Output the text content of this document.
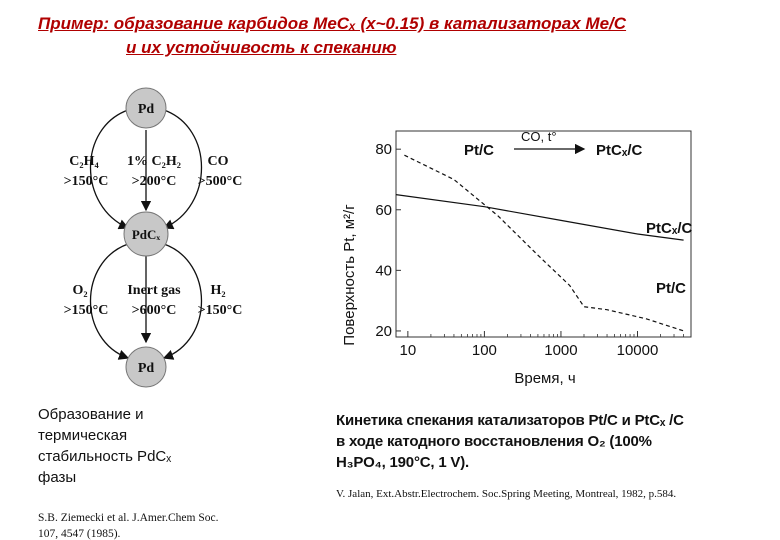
Пример: образование карбидов MeCₓ (x~0.15) в катализаторах Me/C
и их устойчивость к спеканию
Pd
PdCₓ
Pd
C₂H₄
>150°C
1% C₂H₂
>200°C
CO
>500°C
O₂
>150°C
Inert gas
>600°C
H₂
>150°C	Поверхность Pt, м²/г 20
40
60
80
10	100	1000	10000
Pt/C
CO, t°
PtCₓ/C
PtCₓ/C
Pt/C
Время, ч
Образование и
термическая
стабильность PdCₓ
фазы
S.B. Ziemecki et al. J.Amer.Chem Soc.
107, 4547 (1985).
Кинетика спекания катализаторов Pt/C и PtCₓ /C
в ходе катодного восстановления O₂ (100%
H₃PO₄, 190°C, 1 V).
V. Jalan, Ext.Abstr.Electrochem. Soc.Spring Meeting, Montreal, 1982, p.584.
